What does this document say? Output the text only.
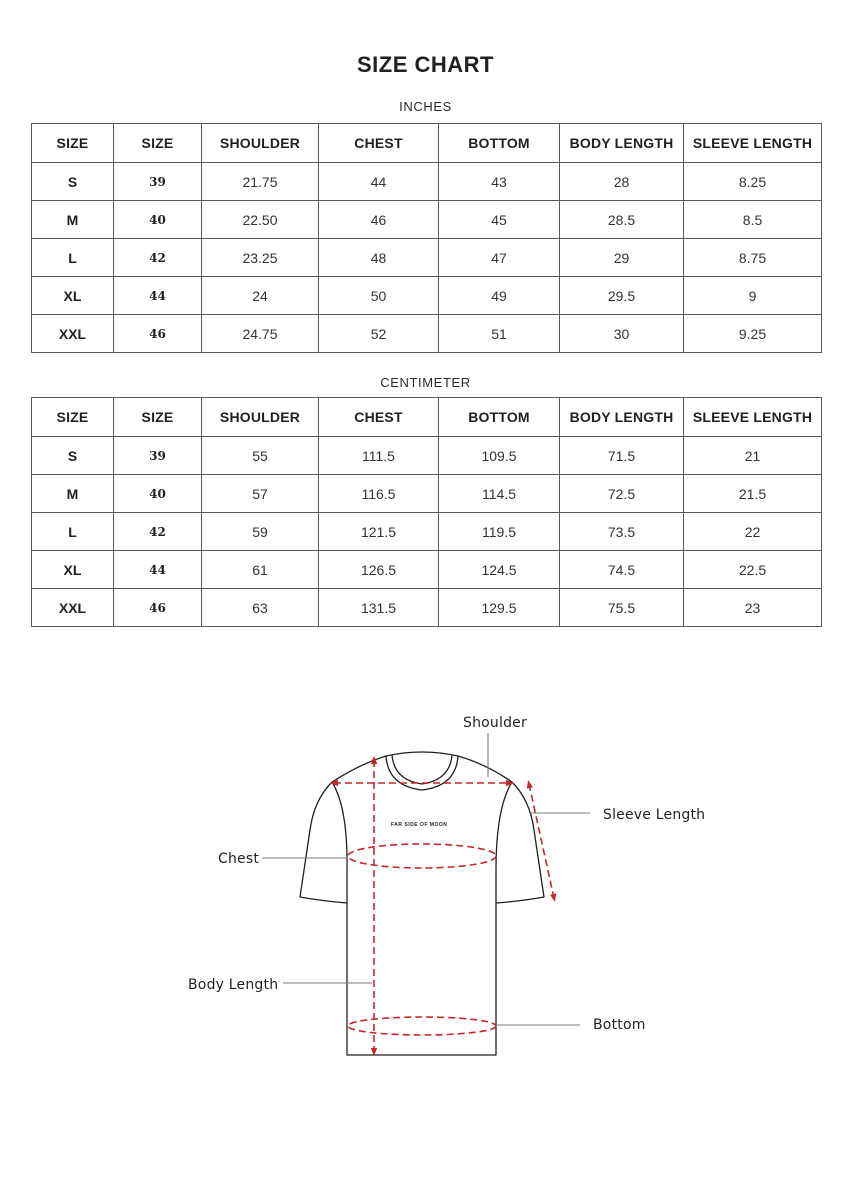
SIZE CHART
INCHES
SIZE	SIZE	SHOULDER	CHEST	BOTTOM	BODY LENGTH	SLEEVE LENGTH
S	39	21.75	44	43	28	8.25
M	40	22.50	46	45	28.5	8.5
L	42	23.25	48	47	29	8.75
XL	44	24	50	49	29.5	9
XXL	46	24.75	52	51	30	9.25
CENTIMETER
SIZE	SIZE	SHOULDER	CHEST	BOTTOM	BODY LENGTH	SLEEVE LENGTH
S	39	55	111.5	109.5	71.5	21
M	40	57	116.5	114.5	72.5	21.5
L	42	59	121.5	119.5	73.5	22
XL	44	61	126.5	124.5	74.5	22.5
XXL	46	63	131.5	129.5	75.5	23
FAR SIDE OF MOON
Shoulder
Sleeve Length
Chest
Body Length
Bottom
